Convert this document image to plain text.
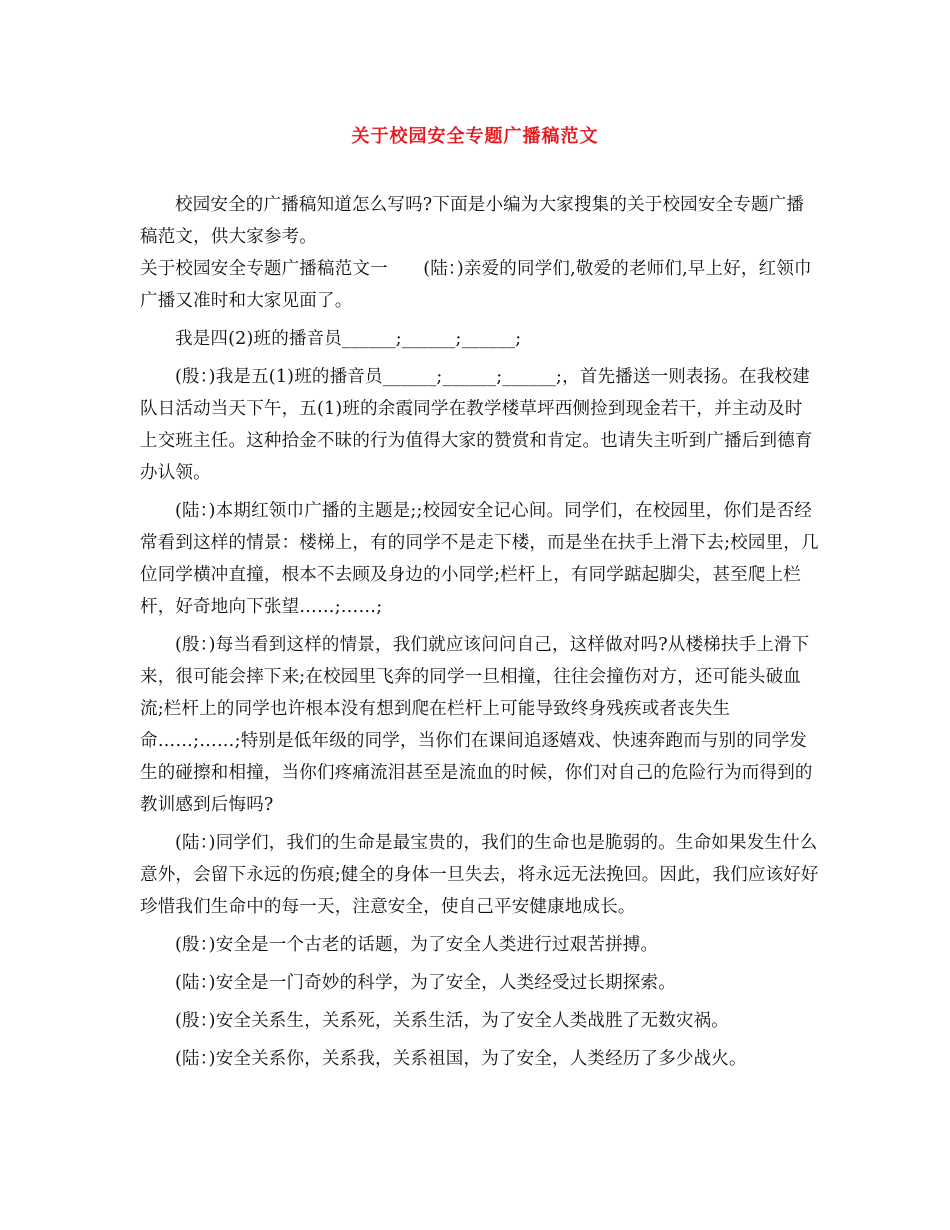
关于校园安全专题广播稿范文

校园安全的广播稿知道怎么写吗?下面是小编为大家搜集的关于校园安全专题广播稿范文，供大家参考。

关于校园安全专题广播稿范文一　　(陆：)亲爱的同学们,敬爱的老师们,早上好，红领巾广播又准时和大家见面了。

我是四(2)班的播音员______;______;______;

(殷：)我是五(1)班的播音员______;______;______;，首先播送一则表扬。在我校建队日活动当天下午，五(1)班的余霞同学在教学楼草坪西侧捡到现金若干，并主动及时上交班主任。这种拾金不昧的行为值得大家的赞赏和肯定。也请失主听到广播后到德育办认领。

(陆：)本期红领巾广播的主题是;;校园安全记心间。同学们，在校园里，你们是否经常看到这样的情景：楼梯上，有的同学不是走下楼，而是坐在扶手上滑下去;校园里，几位同学横冲直撞，根本不去顾及身边的小同学;栏杆上，有同学踮起脚尖，甚至爬上栏杆，好奇地向下张望……;……;

(殷：)每当看到这样的情景，我们就应该问问自己，这样做对吗?从楼梯扶手上滑下来，很可能会摔下来;在校园里飞奔的同学一旦相撞，往往会撞伤对方，还可能头破血流;栏杆上的同学也许根本没有想到爬在栏杆上可能导致终身残疾或者丧失生命……;……;特别是低年级的同学，当你们在课间追逐嬉戏、快速奔跑而与别的同学发生的碰擦和相撞，当你们疼痛流泪甚至是流血的时候，你们对自己的危险行为而得到的教训感到后悔吗?

(陆：)同学们，我们的生命是最宝贵的，我们的生命也是脆弱的。生命如果发生什么意外，会留下永远的伤痕;健全的身体一旦失去，将永远无法挽回。因此，我们应该好好珍惜我们生命中的每一天，注意安全，使自己平安健康地成长。

(殷：)安全是一个古老的话题，为了安全人类进行过艰苦拼搏。

(陆：)安全是一门奇妙的科学，为了安全，人类经受过长期探索。

(殷：)安全关系生，关系死，关系生活，为了安全人类战胜了无数灾祸。

(陆：)安全关系你，关系我，关系祖国，为了安全，人类经历了多少战火。
